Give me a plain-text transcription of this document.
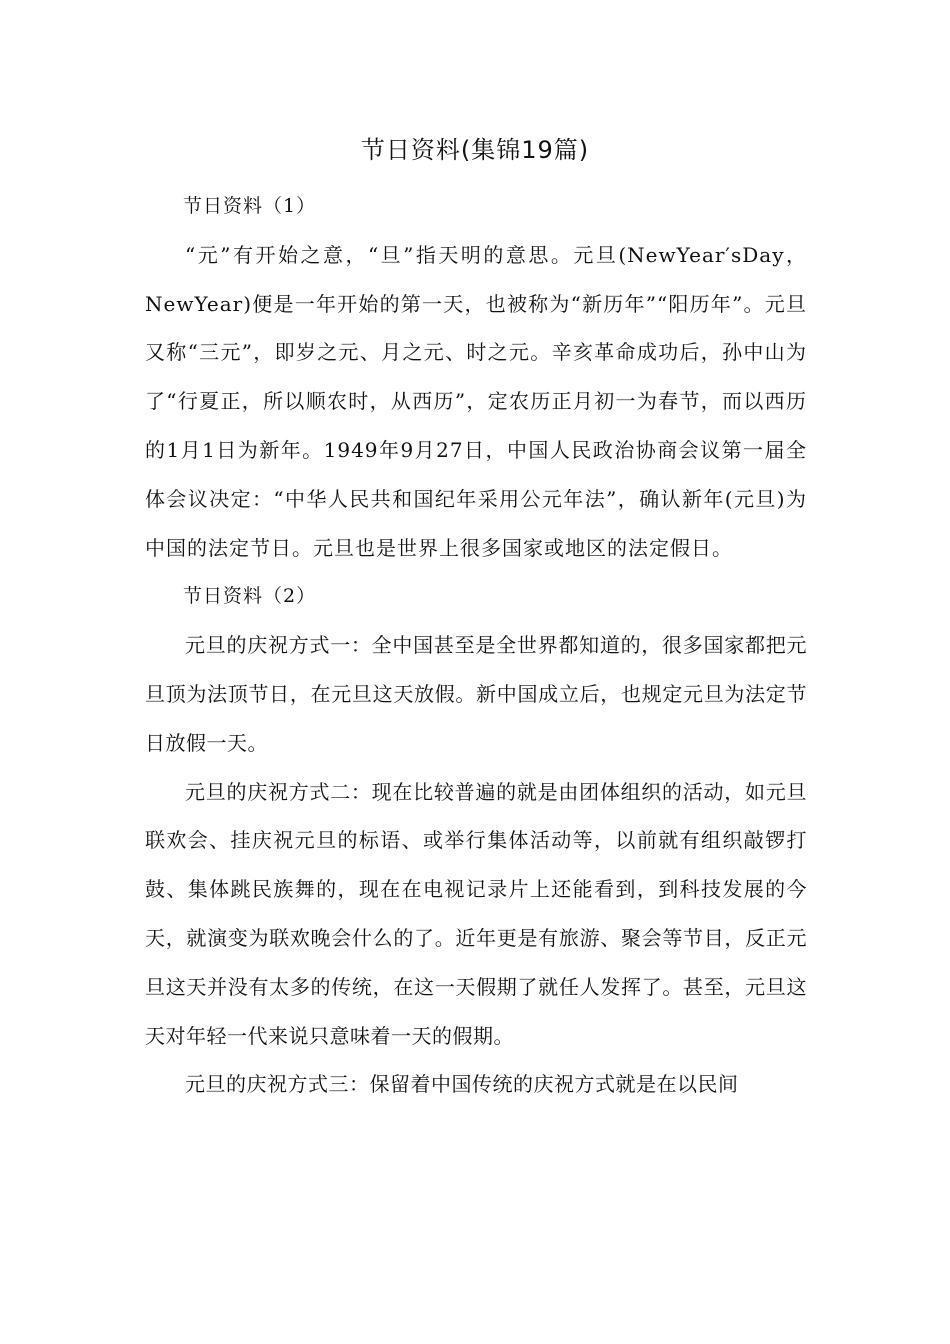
节日资料(集锦19篇)

节日资料（1）

“元”有开始之意，“旦”指天明的意思。元旦(NewYear′sDay，NewYear)便是一年开始的第一天，也被称为“新历年”“阳历年”。元旦又称“三元”，即岁之元、月之元、时之元。辛亥革命成功后，孙中山为了“行夏正，所以顺农时，从西历”，定农历正月初一为春节，而以西历的1月1日为新年。1949年9月27日，中国人民政治协商会议第一届全体会议决定：“中华人民共和国纪年采用公元年法”，确认新年(元旦)为中国的法定节日。元旦也是世界上很多国家或地区的法定假日。

节日资料（2）

元旦的庆祝方式一：全中国甚至是全世界都知道的，很多国家都把元旦顶为法顶节日，在元旦这天放假。新中国成立后，也规定元旦为法定节日放假一天。

元旦的庆祝方式二：现在比较普遍的就是由团体组织的活动，如元旦联欢会、挂庆祝元旦的标语、或举行集体活动等，以前就有组织敲锣打鼓、集体跳民族舞的，现在在电视记录片上还能看到，到科技发展的今天，就演变为联欢晚会什么的了。近年更是有旅游、聚会等节目，反正元旦这天并没有太多的传统，在这一天假期了就任人发挥了。甚至，元旦这天对年轻一代来说只意味着一天的假期。

元旦的庆祝方式三：保留着中国传统的庆祝方式就是在以民间
